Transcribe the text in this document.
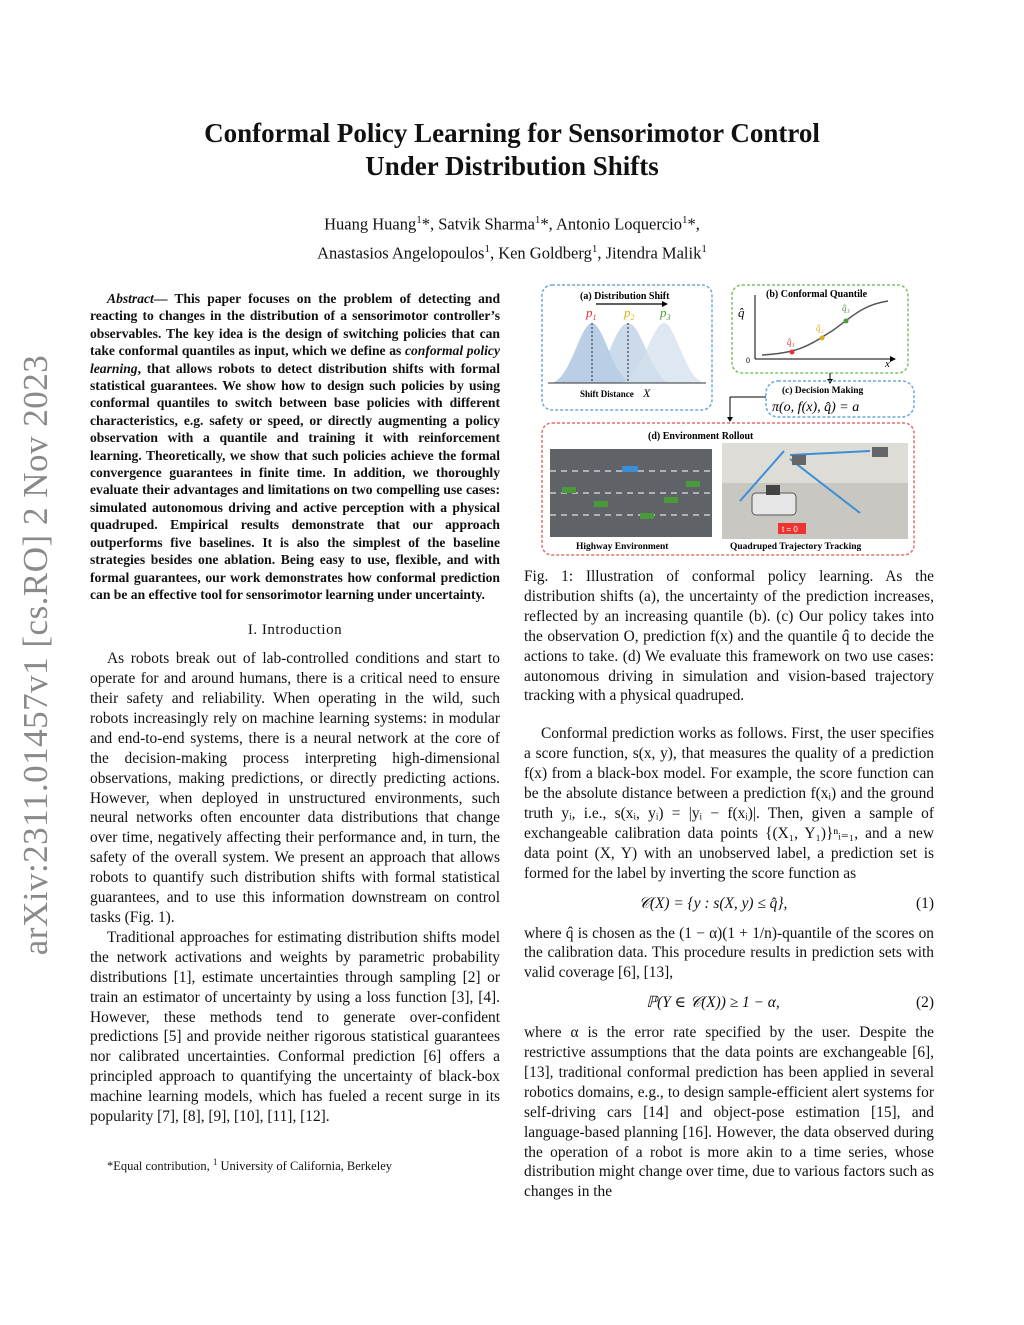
arXiv:2311.01457v1 [cs.RO] 2 Nov 2023
Conformal Policy Learning for Sensorimotor Control
Under Distribution Shifts
Huang Huang$^1$*, Satvik Sharma$^1$*, Antonio Loquercio$^1$*,
Anastasios Angelopoulos$^1$, Ken Goldberg$^1$, Jitendra Malik$^1$

Abstract— This paper focuses on the problem of detecting and reacting to changes in the distribution of a sensorimotor controller’s observables. The key idea is the design of switching policies that can take conformal quantiles as input, which we define as conformal policy learning, that allows robots to detect distribution shifts with formal statistical guarantees. We show how to design such policies by using conformal quantiles to switch between base policies with different characteristics, e.g. safety or speed, or directly augmenting a policy observation with a quantile and training it with reinforcement learning. Theoretically, we show that such policies achieve the formal convergence guarantees in finite time. In addition, we thoroughly evaluate their advantages and limitations on two compelling use cases: simulated autonomous driving and active perception with a physical quadruped. Empirical results demonstrate that our approach outperforms five baselines. It is also the simplest of the baseline strategies besides one ablation. Being easy to use, flexible, and with formal guarantees, our work demonstrates how conformal prediction can be an effective tool for sensorimotor learning under uncertainty.

I. Introduction

As robots break out of lab-controlled conditions and start to operate for and around humans, there is a critical need to ensure their safety and reliability. When operating in the wild, such robots increasingly rely on machine learning systems: in modular and end-to-end systems, there is a neural network at the core of the decision-making process interpreting high-dimensional observations, making predictions, or directly predicting actions. However, when deployed in unstructured environments, such neural networks often encounter data distributions that change over time, negatively affecting their performance and, in turn, the safety of the overall system. We present an approach that allows robots to quantify such distribution shifts with formal statistical guarantees, and to use this information downstream on control tasks (Fig. 1).

Traditional approaches for estimating distribution shifts model the network activations and weights by parametric probability distributions [1], estimate uncertainties through sampling [2] or train an estimator of uncertainty by using a loss function [3], [4]. However, these methods tend to generate over-confident predictions [5] and provide neither rigorous statistical guarantees nor calibrated uncertainties. Conformal prediction [6] offers a principled approach to quantifying the uncertainty of black-box machine learning models, which has fueled a recent surge in its popularity [7], [8], [9], [10], [11], [12].

*Equal contribution, $^1$ University of California, Berkeley

(a) Distribution Shift
$p_1$ $p_2$ $p_3$
Shift Distance X
(b) Conformal Quantile
q̂
0	x
q̂₁
q̂₂
q̂₃
(c) Decision Making
π(o, f(x), q̂) = a
(d) Environment Rollout
Highway Environment
t = 0
Quadruped Trajectory Tracking

Fig. 1: Illustration of conformal policy learning. As the distribution shifts (a), the uncertainty of the prediction increases, reflected by an increasing quantile (b). (c) Our policy takes into the observation O, prediction f(x) and the quantile q̂ to decide the actions to take. (d) We evaluate this framework on two use cases: autonomous driving in simulation and vision-based trajectory tracking with a physical quadruped.

Conformal prediction works as follows. First, the user specifies a score function, s(x, y), that measures the quality of a prediction f(x) from a black-box model. For example, the score function can be the absolute distance between a prediction f(xᵢ) and the ground truth yᵢ, i.e., s(xᵢ, yᵢ) = |yᵢ − f(xᵢ)|. Then, given a sample of exchangeable calibration data points {(X₁, Y₁)}ⁿᵢ₌₁, and a new data point (X, Y) with an unobserved label, a prediction set is formed for the label by inverting the score function as

𝒞(X) = {y : s(X, y) ≤ q̂},	(1)

where q̂ is chosen as the (1 − α)(1 + 1/n)-quantile of the scores on the calibration data. This procedure results in prediction sets with valid coverage [6], [13],

ℙ(Y ∈ 𝒞(X)) ≥ 1 − α,	(2)

where α is the error rate specified by the user. Despite the restrictive assumptions that the data points are exchangeable [6], [13], traditional conformal prediction has been applied in several robotics domains, e.g., to design sample-efficient alert systems for self-driving cars [14] and object-pose estimation [15], and language-based planning [16]. However, the data observed during the operation of a robot is more akin to a time series, whose distribution might change over time, due to various factors such as changes in the
